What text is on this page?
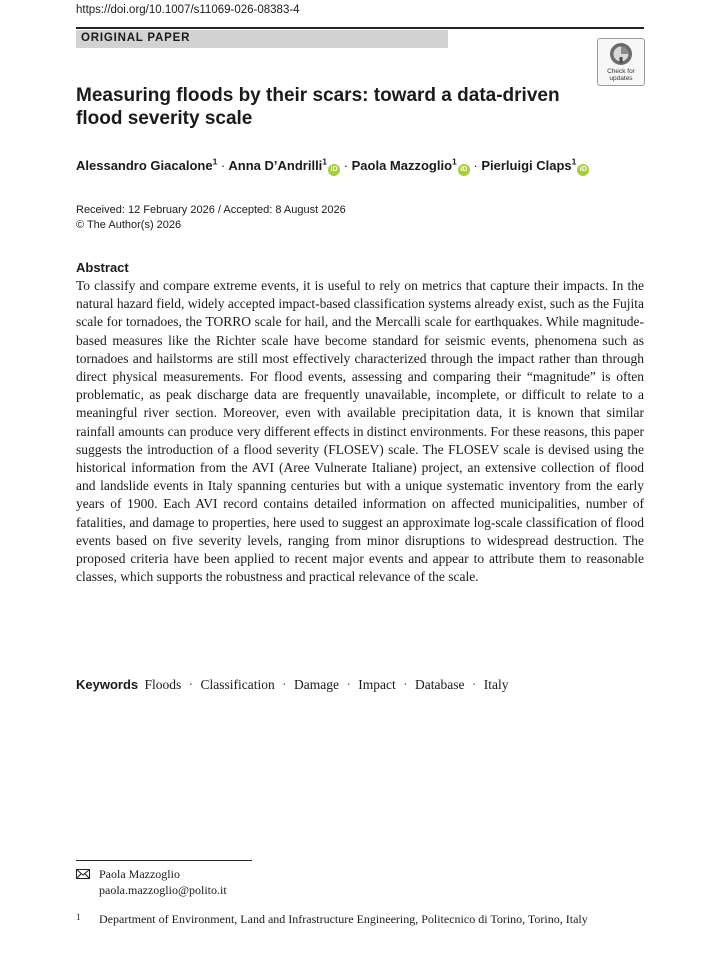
https://doi.org/10.1007/s11069-026-08383-4
ORIGINAL PAPER
Check for
updates
Measuring floods by their scars: toward a data-driven flood severity scale
Alessandro Giacalone$^1$ · Anna D’Andrilli$^1$iD · Paola Mazzoglio$^1$iD · Pierluigi Claps$^1$iD
Received: 12 February 2026 / Accepted: 8 August 2026
© The Author(s) 2026
Abstract

To classify and compare extreme events, it is useful to rely on metrics that capture their impacts. In the natural hazard field, widely accepted impact-based classification systems already exist, such as the Fujita scale for tornadoes, the TORRO scale for hail, and the Mercalli scale for earthquakes. While magnitude-based measures like the Richter scale have become standard for seismic events, phenomena such as tornadoes and hailstorms are still most effectively characterized through the impact rather than through direct physical measurements. For flood events, assessing and comparing their “magnitude” is often problematic, as peak discharge data are frequently unavailable, incomplete, or difficult to relate to a meaningful river section. Moreover, even with available precipitation data, it is known that similar rainfall amounts can produce very different effects in distinct environments. For these reasons, this paper suggests the introduction of a flood severity (FLOSEV) scale. The FLOSEV scale is devised using the historical information from the AVI (Aree Vulnerate Italiane) project, an extensive collection of flood and landslide events in Italy spanning centuries but with a unique systematic inventory from the early years of 1900. Each AVI record contains detailed information on affected municipalities, number of fatalities, and damage to properties, here used to suggest an approximate log-scale classification of flood events based on five severity levels, ranging from minor disruptions to widespread destruction. The proposed criteria have been applied to recent major events and appear to attribute them to reasonable classes, which supports the robustness and practical relevance of the scale.

Keywords Floods · Classification · Damage · Impact · Database · Italy
Paola Mazzoglio
paola.mazzoglio@polito.it
1 Department of Environment, Land and Infrastructure Engineering, Politecnico di Torino, Torino, Italy
